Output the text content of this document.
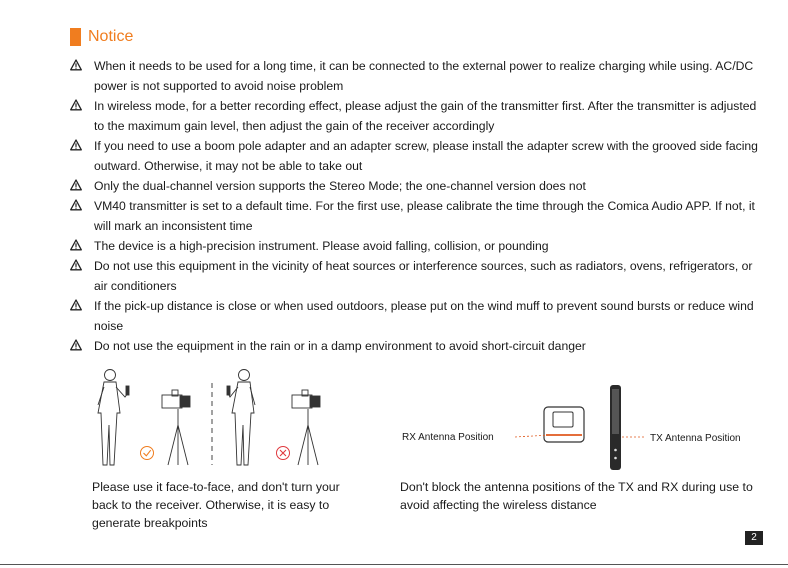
Notice
When it needs to be used for a long time, it can be connected to the external power to realize charging while using. AC/DC power is not supported to avoid noise problem
In wireless mode, for a better recording effect, please adjust the gain of the transmitter first. After the transmitter is adjusted to the maximum gain level, then adjust the gain of the receiver accordingly
If you need to use a boom pole adapter and an adapter screw, please install the adapter screw with the grooved side facing outward. Otherwise, it may not be able to take out
Only the dual-channel version supports the Stereo Mode; the one-channel version does not
VM40 transmitter is set to a default time. For the first use, please calibrate the time through the Comica Audio APP. If not, it will mark an inconsistent time
The device is a high-precision instrument. Please avoid falling, collision, or pounding
Do not use this equipment in the vicinity of heat sources or interference sources, such as radiators, ovens, refrigerators, or air conditioners
If the pick-up distance is close or when used outdoors, please put on the wind muff to prevent sound bursts or reduce wind noise
Do not use the equipment in the rain or in a damp environment to avoid short-circuit danger
RX Antenna Position	TX Antenna Position
Please use it face-to-face, and don't turn your back to the receiver. Otherwise, it is easy to generate breakpoints
Don't block the antenna positions of the TX and RX during use to avoid affecting the wireless distance
2
